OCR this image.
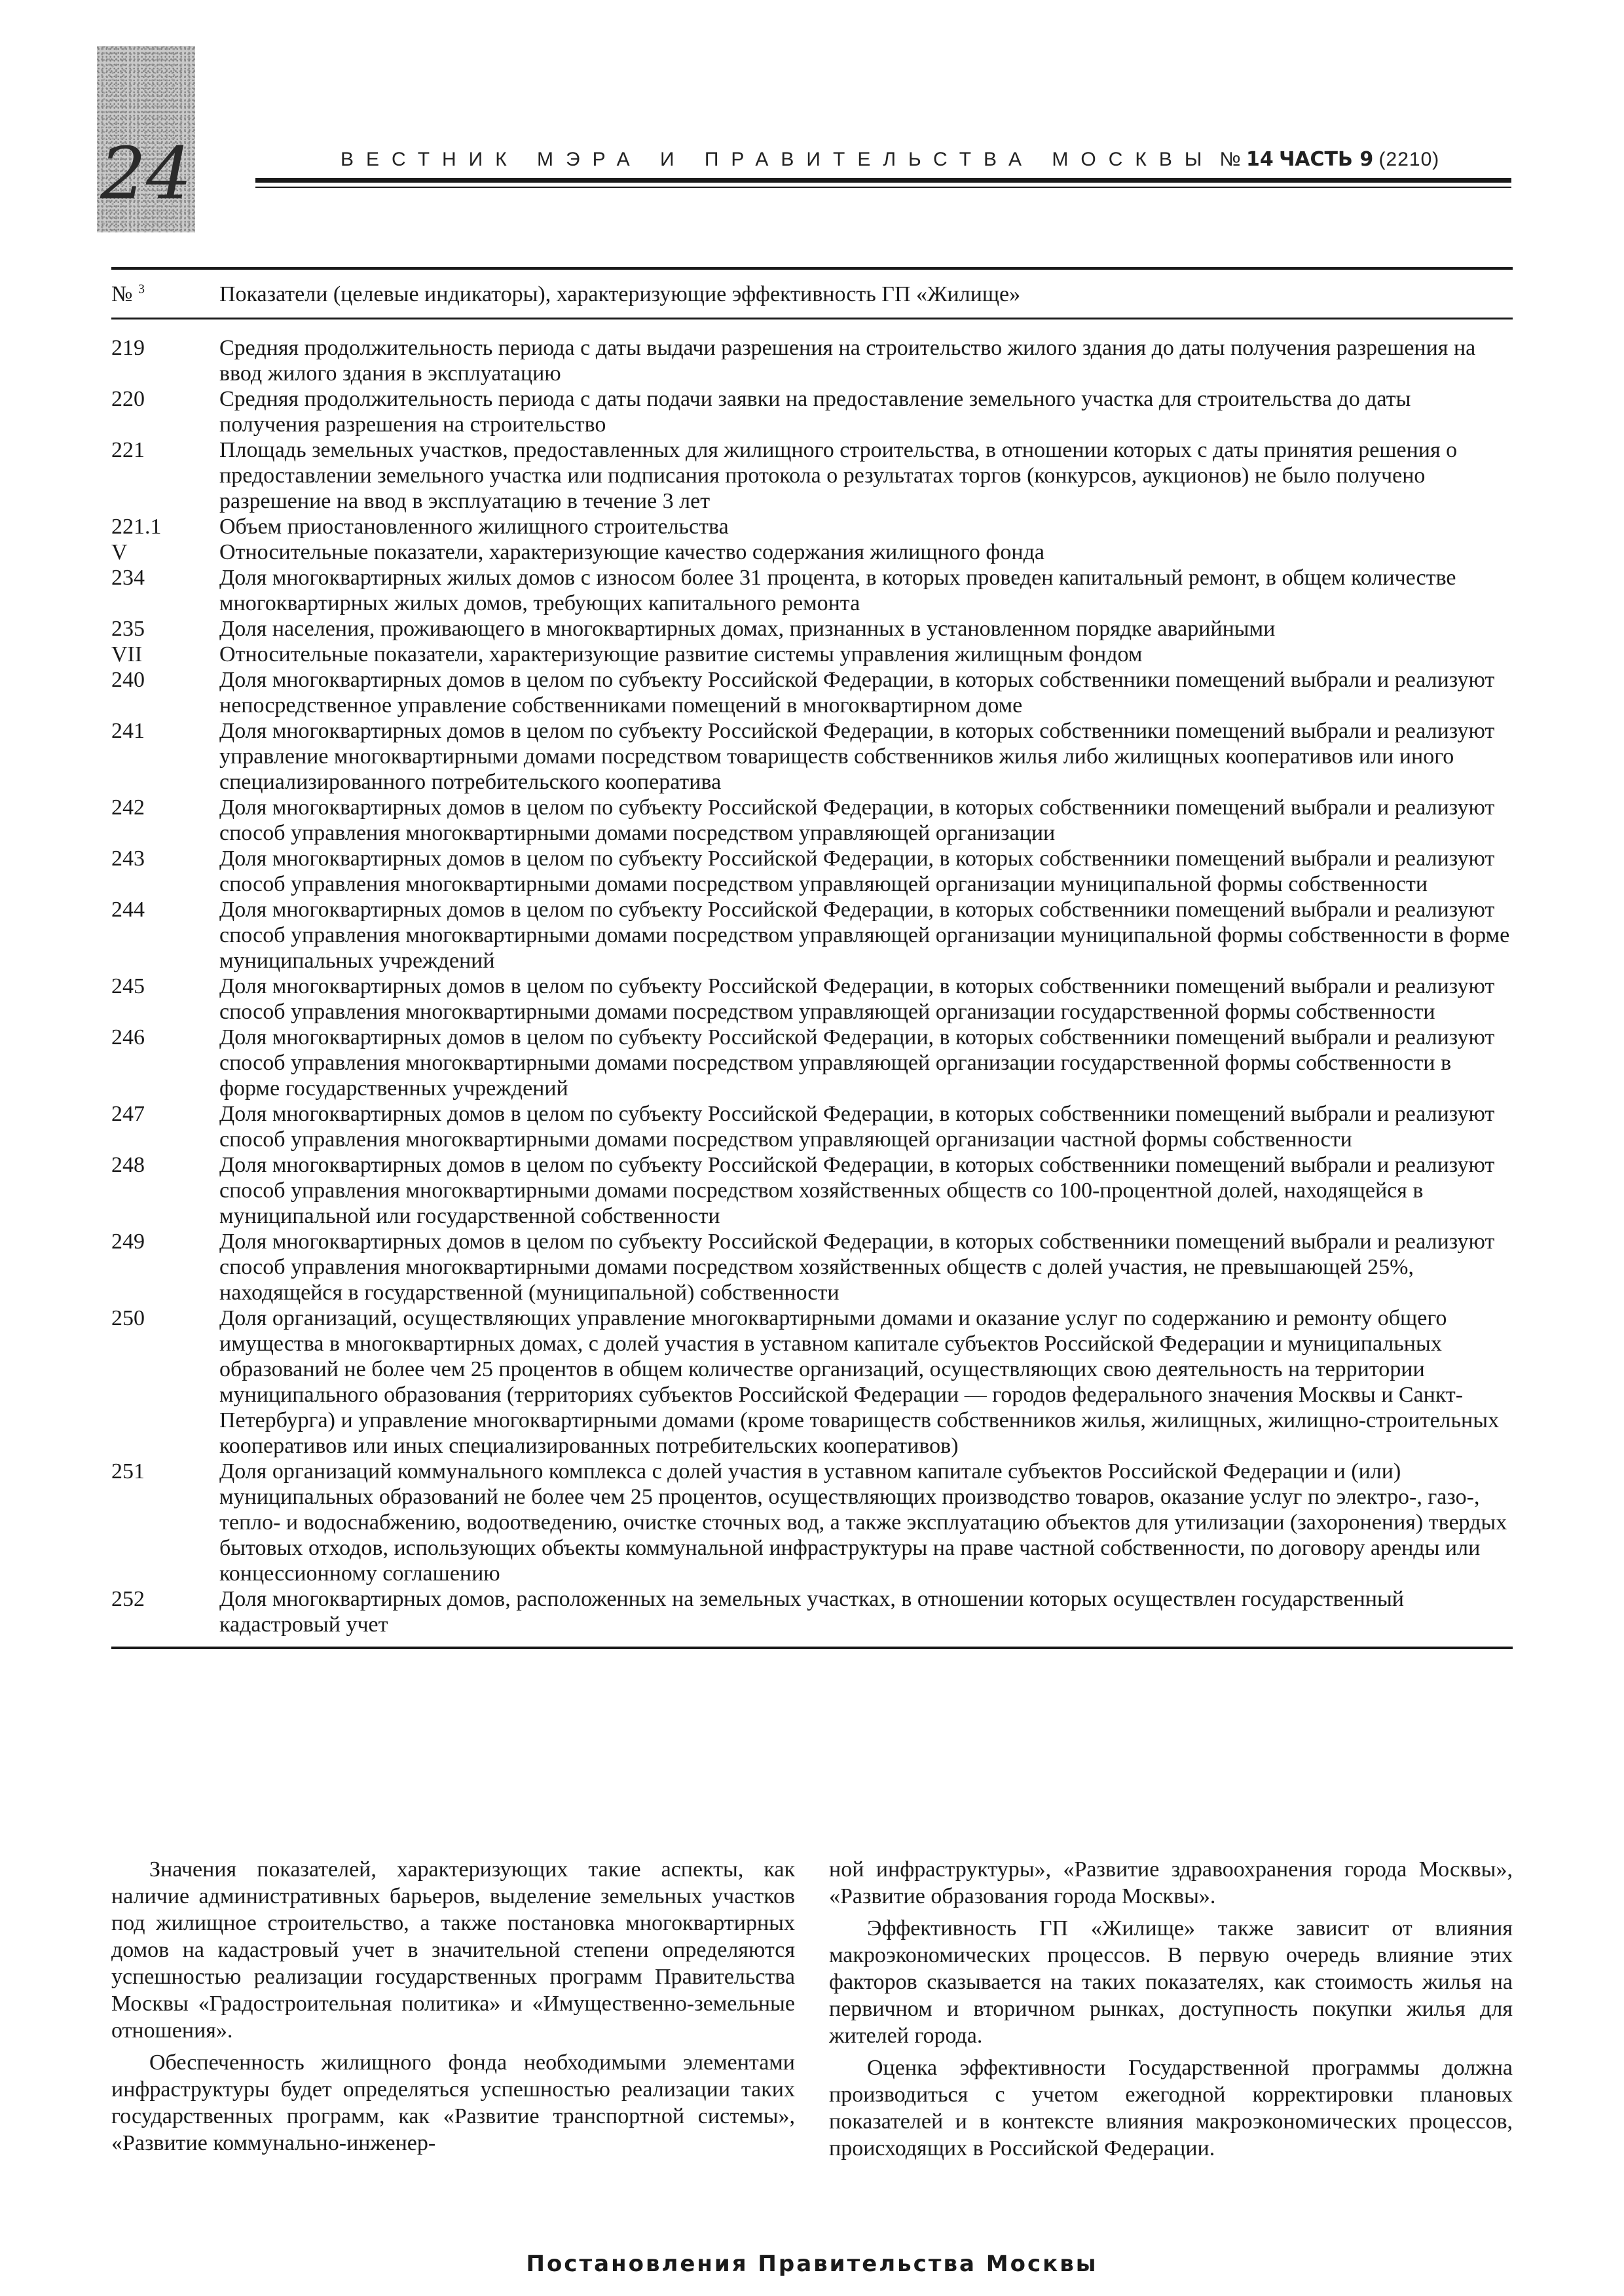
24	ВЕСТНИК МЭРА И ПРАВИТЕЛЬСТВА МОСКВЫ № 14 ЧАСТЬ 9 (2210)
№ $^3$	Показатели (целевые индикаторы), характеризующие эффективность ГП «Жилище»
219	Средняя продолжительность периода с даты выдачи разрешения на строительство жилого здания до даты получения разрешения на ввод жилого здания в эксплуатацию
220	Средняя продолжительность периода с даты подачи заявки на предоставление земельного участка для строительства до даты получения разрешения на строительство
221	Площадь земельных участков, предоставленных для жилищного строительства, в отношении которых с даты принятия решения о предоставлении земельного участка или подписания протокола о результатах торгов (конкурсов, аукционов) не было получено разрешение на ввод в эксплуатацию в течение 3 лет
221.1	Объем приостановленного жилищного строительства
V	Относительные показатели, характеризующие качество содержания жилищного фонда
234	Доля многоквартирных жилых домов с износом более 31 процента, в которых проведен капитальный ремонт, в общем количестве многоквартирных жилых домов, требующих капитального ремонта
235	Доля населения, проживающего в многоквартирных домах, признанных в установленном порядке аварийными
VII	Относительные показатели, характеризующие развитие системы управления жилищным фондом
240	Доля многоквартирных домов в целом по субъекту Российской Федерации, в которых собственники помещений выбрали и реализуют непосредственное управление собственниками помещений в многоквартирном доме
241	Доля многоквартирных домов в целом по субъекту Российской Федерации, в которых собственники помещений выбрали и реализуют управление многоквартирными домами посредством товариществ собственников жилья либо жилищных кооперативов или иного специализированного потребительского кооператива
242	Доля многоквартирных домов в целом по субъекту Российской Федерации, в которых собственники помещений выбрали и реализуют способ управления многоквартирными домами посредством управляющей организации
243	Доля многоквартирных домов в целом по субъекту Российской Федерации, в которых собственники помещений выбрали и реализуют способ управления многоквартирными домами посредством управляющей организации муниципальной формы собственности
244	Доля многоквартирных домов в целом по субъекту Российской Федерации, в которых собственники помещений выбрали и реализуют способ управления многоквартирными домами посредством управляющей организации муниципальной формы собственности в форме муниципальных учреждений
245	Доля многоквартирных домов в целом по субъекту Российской Федерации, в которых собственники помещений выбрали и реализуют способ управления многоквартирными домами посредством управляющей организации государственной формы собственности
246	Доля многоквартирных домов в целом по субъекту Российской Федерации, в которых собственники помещений выбрали и реализуют способ управления многоквартирными домами посредством управляющей организации государственной формы собственности в форме государственных учреждений
247	Доля многоквартирных домов в целом по субъекту Российской Федерации, в которых собственники помещений выбрали и реализуют способ управления многоквартирными домами посредством управляющей организации частной формы собственности
248	Доля многоквартирных домов в целом по субъекту Российской Федерации, в которых собственники помещений выбрали и реализуют способ управления многоквартирными домами посредством хозяйственных обществ со 100-процентной долей, находящейся в муниципальной или государственной собственности
249	Доля многоквартирных домов в целом по субъекту Российской Федерации, в которых собственники помещений выбрали и реализуют способ управления многоквартирными домами посредством хозяйственных обществ с долей участия, не превышающей 25%, находящейся в государственной (муниципальной) собственности
250	Доля организаций, осуществляющих управление многоквартирными домами и оказание услуг по содержанию и ремонту общего имущества в многоквартирных домах, с долей участия в уставном капитале субъектов Российской Федерации и муниципальных образований не более чем 25 процентов в общем количестве организаций, осуществляющих свою деятельность на территории муниципального образования (территориях субъектов Российской Федерации — городов федерального значения Москвы и Санкт-Петербурга) и управление многоквартирными домами (кроме товариществ собственников жилья, жилищных, жилищно-строительных кооперативов или иных специализированных потребительских кооперативов)
251	Доля организаций коммунального комплекса с долей участия в уставном капитале субъектов Российской Федерации и (или) муниципальных образований не более чем 25 процентов, осуществляющих производство товаров, оказание услуг по электро-, газо-, тепло- и водоснабжению, водоотведению, очистке сточных вод, а также эксплуатацию объектов для утилизации (захоронения) твердых бытовых отходов, использующих объекты коммунальной инфраструктуры на праве частной собственности, по договору аренды или концессионному соглашению
252	Доля многоквартирных домов, расположенных на земельных участках, в отношении которых осуществлен государственный кадастровый учет

Значения показателей, характеризующих такие аспекты, как наличие административных барьеров, выделение земельных участков под жилищное строительство, а также постановка многоквартирных домов на кадастровый учет в значительной степени определяются успешностью реализации государственных программ Правительства Москвы «Градостроительная политика» и «Имущественно-земельные отношения».

Обеспеченность жилищного фонда необходимыми элементами инфраструктуры будет определяться успешностью реализации таких государственных программ, как «Развитие транспортной системы», «Развитие коммунально-инженер-

ной инфраструктуры», «Развитие здравоохранения города Москвы», «Развитие образования города Москвы».

Эффективность ГП «Жилище» также зависит от влияния макроэкономических процессов. В первую очередь влияние этих факторов сказывается на таких показателях, как стоимость жилья на первичном и вторичном рынках, доступность покупки жилья для жителей города.

Оценка эффективности Государственной программы должна производиться с учетом ежегодной корректировки плановых показателей и в контексте влияния макроэкономических процессов, происходящих в Российской Федерации.

Постановления Правительства Москвы
